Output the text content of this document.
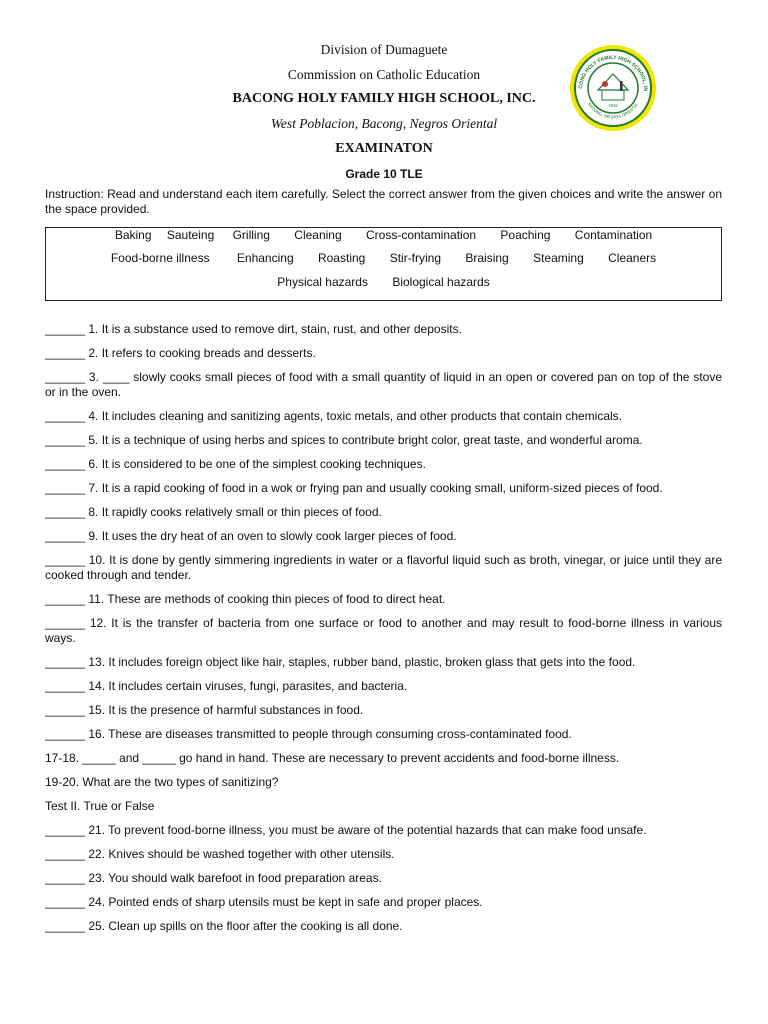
Division of Dumaguete
Commission on Catholic Education
BACONG HOLY FAMILY HIGH SCHOOL, INC.
West Poblacion, Bacong, Negros Oriental
EXAMINATON
Grade 10 TLE
CONG HOLY FAMILY HIGH SCHOOL, IN
BACONG, NEGROS ORIENTAL
1946
Instruction: Read and understand each item carefully. Select the correct answer from the given choices and write the answer on the space provided.
Baking Sauteing Grilling Cleaning Cross-contamination Poaching Contamination
Food-borne illness Enhancing Roasting Stir-frying Braising Steaming Cleaners
Physical hazards Biological hazards
______ 1. It is a substance used to remove dirt, stain, rust, and other deposits.
______ 2. It refers to cooking breads and desserts.
______ 3. ____ slowly cooks small pieces of food with a small quantity of liquid in an open or covered pan on top of the stove or in the oven.
______ 4. It includes cleaning and sanitizing agents, toxic metals, and other products that contain chemicals.
______ 5. It is a technique of using herbs and spices to contribute bright color, great taste, and wonderful aroma.
______ 6. It is considered to be one of the simplest cooking techniques.
______ 7. It is a rapid cooking of food in a wok or frying pan and usually cooking small, uniform-sized pieces of food.
______ 8. It rapidly cooks relatively small or thin pieces of food.
______ 9. It uses the dry heat of an oven to slowly cook larger pieces of food.
______ 10. It is done by gently simmering ingredients in water or a flavorful liquid such as broth, vinegar, or juice until they are cooked through and tender.
______ 11. These are methods of cooking thin pieces of food to direct heat.
______ 12. It is the transfer of bacteria from one surface or food to another and may result to food-borne illness in various ways.
______ 13. It includes foreign object like hair, staples, rubber band, plastic, broken glass that gets into the food.
______ 14. It includes certain viruses, fungi, parasites, and bacteria.
______ 15. It is the presence of harmful substances in food.
______ 16. These are diseases transmitted to people through consuming cross-contaminated food.
17-18. _____ and _____ go hand in hand. These are necessary to prevent accidents and food-borne illness.
19-20. What are the two types of sanitizing?
Test II. True or False
______ 21. To prevent food-borne illness, you must be aware of the potential hazards that can make food unsafe.
______ 22. Knives should be washed together with other utensils.
______ 23. You should walk barefoot in food preparation areas.
______ 24. Pointed ends of sharp utensils must be kept in safe and proper places.
______ 25. Clean up spills on the floor after the cooking is all done.
